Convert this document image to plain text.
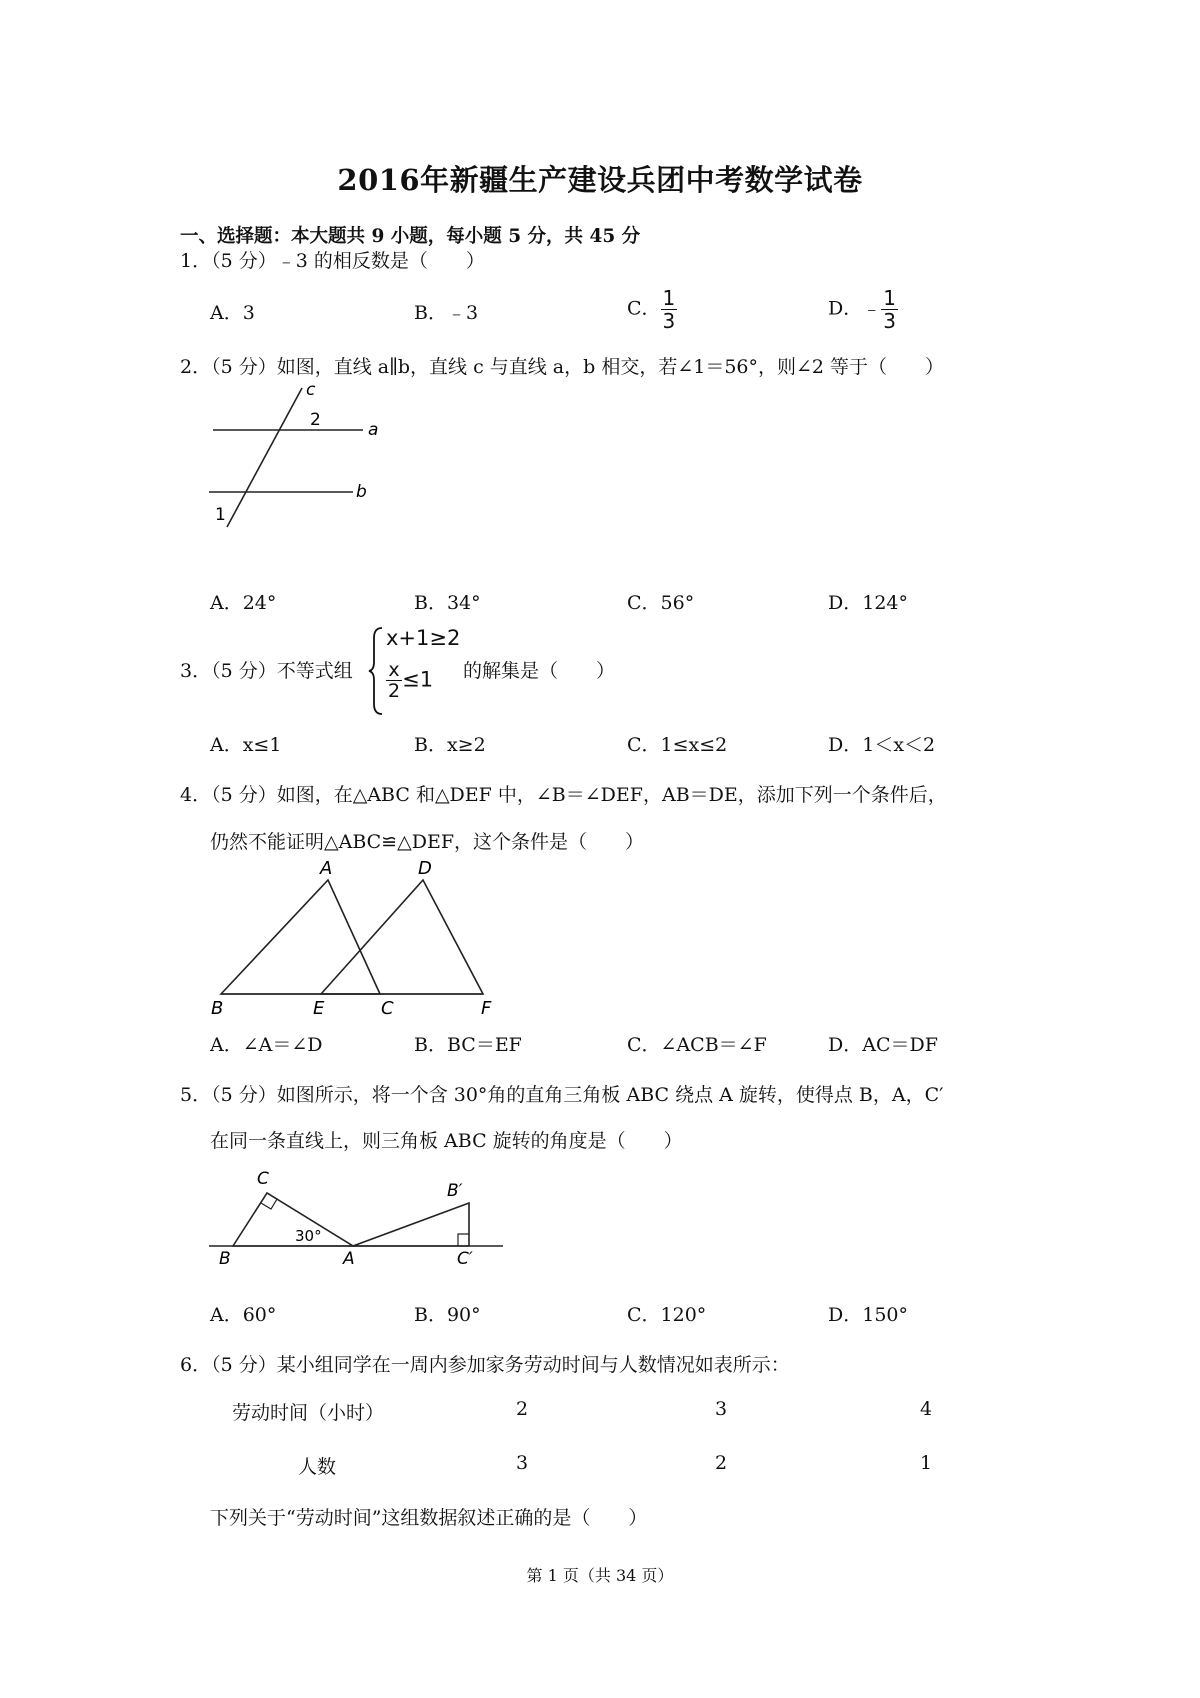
2016年新疆生产建设兵团中考数学试卷
一、选择题：本大题共 9 小题，每小题 5 分，共 45 分
1．（5 分）﹣3 的相反数是（　　）
A．3	B．﹣3	C． $\frac{1}{3}$	D．﹣ $\frac{1}{3}$
2．（5 分）如图，直线 a∥b，直线 c 与直线 a，b 相交，若∠1＝56°，则∠2 等于（　　）
c
2	a
b
1
A．24°	B．34°	C．56°	D．124°
3．（5 分）不等式组
x+1≥2
$\frac{x}{2} \le 1$ 的解集是（　　）
A．x≤1	B．x≥2	C．1≤x≤2	D．1＜x＜2
4．（5 分）如图，在△ABC 和△DEF 中，∠B＝∠DEF，AB＝DE，添加下列一个条件后，
仍然不能证明△ABC≌△DEF，这个条件是（　　）
A	D
B	E	C	F
A．∠A＝∠D	B．BC＝EF	C．∠ACB＝∠F	D．AC＝DF
5．（5 分）如图所示，将一个含 30°角的直角三角板 ABC 绕点 A 旋转，使得点 B，A，C′
在同一条直线上，则三角板 ABC 旋转的角度是（　　）
C
B	A
B′
C′
30°
A．60°	B．90°	C．120°	D．150°
6．（5 分）某小组同学在一周内参加家务劳动时间与人数情况如表所示：
劳动时间（小时）	2	3	4
人数	3	2	1
下列关于“劳动时间”这组数据叙述正确的是（　　）
第 1 页（共 34 页）
